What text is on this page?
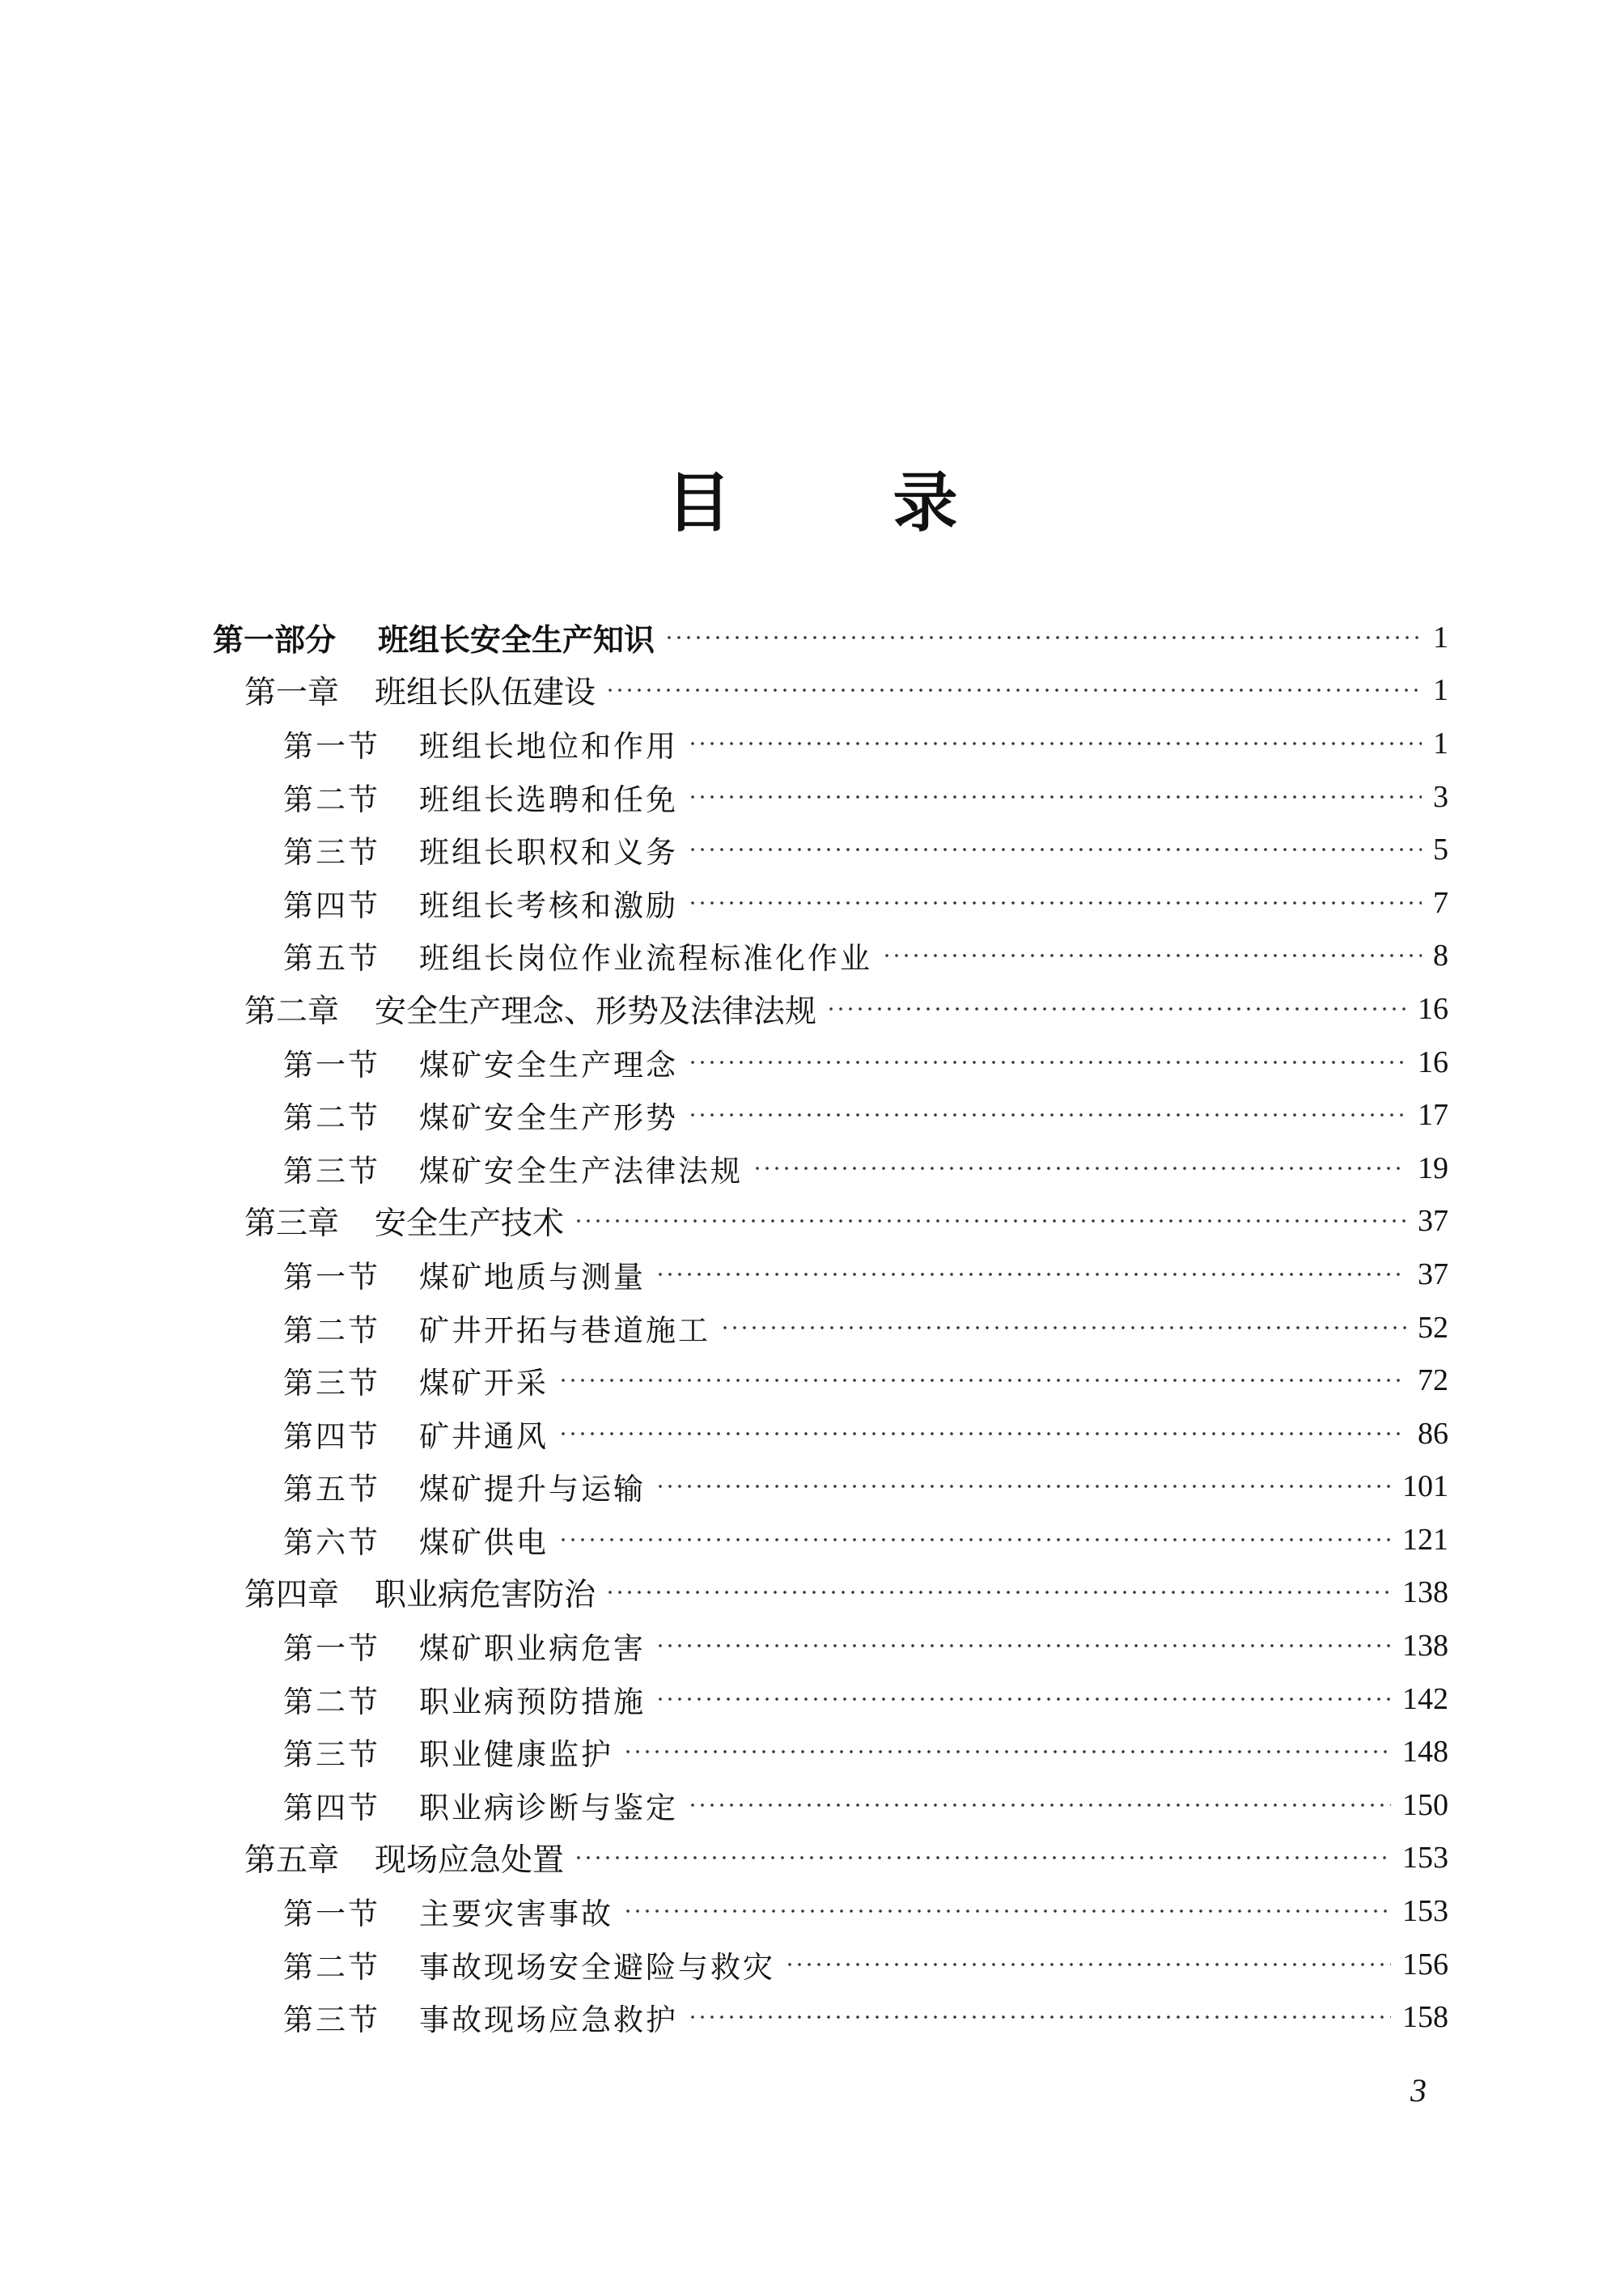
目	录
第一部分 班组长安全生产知识	1
第一章 班组长队伍建设	1
第一节 班组长地位和作用	1
第二节 班组长选聘和任免	3
第三节 班组长职权和义务	5
第四节 班组长考核和激励	7
第五节 班组长岗位作业流程标准化作业	8
第二章 安全生产理念、形势及法律法规	16
第一节 煤矿安全生产理念	16
第二节 煤矿安全生产形势	17
第三节 煤矿安全生产法律法规	19
第三章 安全生产技术	37
第一节 煤矿地质与测量	37
第二节 矿井开拓与巷道施工	52
第三节 煤矿开采	72
第四节 矿井通风	86
第五节 煤矿提升与运输	101
第六节 煤矿供电	121
第四章 职业病危害防治	138
第一节 煤矿职业病危害	138
第二节 职业病预防措施	142
第三节 职业健康监护	148
第四节 职业病诊断与鉴定	150
第五章 现场应急处置	153
第一节 主要灾害事故	153
第二节 事故现场安全避险与救灾	156
第三节 事故现场应急救护	158
3
